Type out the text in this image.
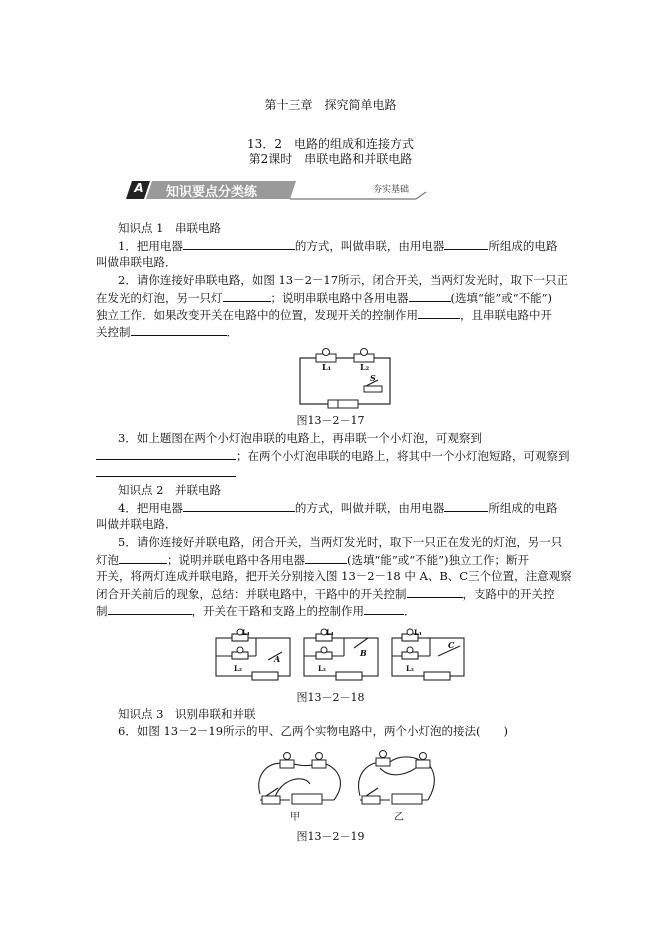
第十三章　探究简单电路
13．2　电路的组成和连接方式
第2课时　串联电路和并联电路
A 知识要点分类练	夯实基础
知识点 1　串联电路
1．把用电器	的方式，叫做串联，由用电器	所组成的电路
叫做串联电路．
2．请你连接好串联电路，如图 13－2－17所示，闭合开关，当两灯发光时，取下一只正
在发光的灯泡，另一只灯	；说明串联电路中各用电器	(选填“能”或“不能”)
独立工作．如果改变开关在电路中的位置，发现开关的控制作用	，且串联电路中开
关控制	．
L₁	L₂
S
图13－2－17
3．如上题图在两个小灯泡串联的电路上，再串联一个小灯泡，可观察到
；在两个小灯泡串联的电路上，将其中一个小灯泡短路，可观察到
知识点 2　并联电路
4．把用电器	的方式，叫做并联，由用电器	所组成的电路
叫做并联电路．
5．请你连接好并联电路，闭合开关，当两灯发光时，取下一只正在发光的灯泡，另一只
灯泡	；说明并联电路中各用电器	(选填“能”或“不能”)独立工作；断开
开关，将两灯连成并联电路，把开关分别接入图 13－2－18 中 A、B、C三个位置，注意观察
闭合开关前后的现象，总结：并联电路中，干路中的开关控制	，支路中的开关控
制	，开关在干路和支路上的控制作用	．
L₁
L₂
A
L₁
L₂
B
L₁
L₂
C
图13－2－18
知识点 3　识别串联和并联
6．如图 13－2－19所示的甲、乙两个实物电路中，两个小灯泡的接法(　　)
甲	乙
图13－2－19
